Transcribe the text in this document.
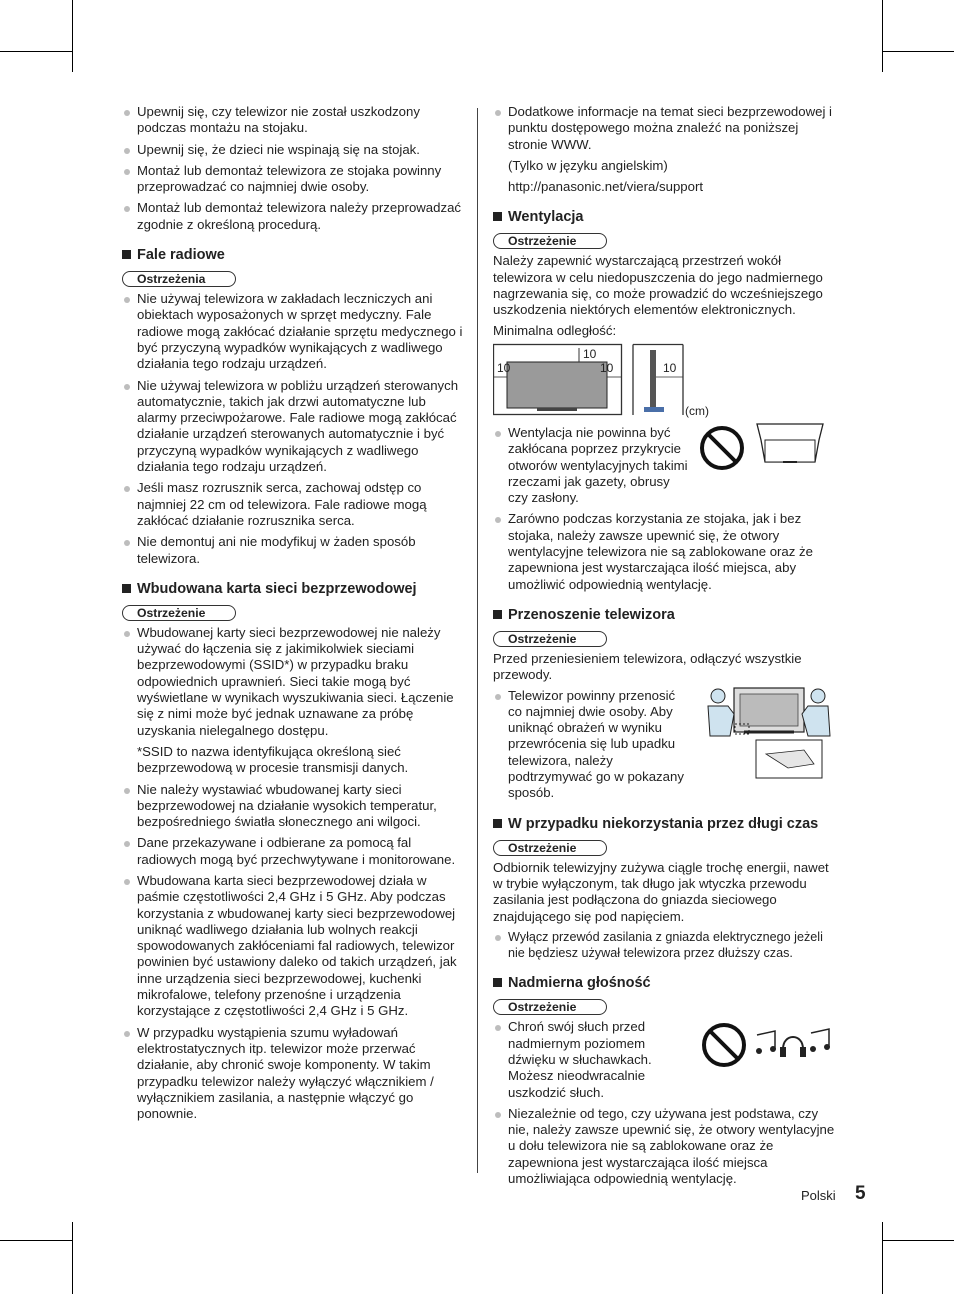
Upewnij się, czy telewizor nie został uszkodzony podczas montażu na stojaku.
Upewnij się, że dzieci nie wspinają się na stojak.
Montaż lub demontaż telewizora ze stojaka powinny przeprowadzać co najmniej dwie osoby.
Montaż lub demontaż telewizora należy przeprowadzać zgodnie z określoną procedurą.
Fale radiowe
Ostrzeżenia
Nie używaj telewizora w zakładach leczniczych ani obiektach wyposażonych w sprzęt medyczny. Fale radiowe mogą zakłócać działanie sprzętu medycznego i być przyczyną wypadków wynikających z wadliwego działania tego rodzaju urządzeń.
Nie używaj telewizora w pobliżu urządzeń sterowanych automatycznie, takich jak drzwi automatyczne lub alarmy przeciwpożarowe. Fale radiowe mogą zakłócać działanie urządzeń sterowanych automatycznie i być przyczyną wypadków wynikających z wadliwego działania tego rodzaju urządzeń.
Jeśli masz rozrusznik serca, zachowaj odstęp co najmniej 22 cm od telewizora. Fale radiowe mogą zakłócać działanie rozrusznika serca.
Nie demontuj ani nie modyfikuj w żaden sposób telewizora.
Wbudowana karta sieci bezprzewodowej
Ostrzeżenie
Wbudowanej karty sieci bezprzewodowej nie należy używać do łączenia się z jakimikolwiek sieciami bezprzewodowymi (SSID*) w przypadku braku odpowiednich uprawnień. Sieci takie mogą być wyświetlane w wynikach wyszukiwania sieci. Łączenie się z nimi może być jednak uznawane za próbę uzyskania nielegalnego dostępu.

*SSID to nazwa identyfikująca określoną sieć bezprzewodową w procesie transmisji danych.

Nie należy wystawiać wbudowanej karty sieci bezprzewodowej na działanie wysokich temperatur, bezpośredniego światła słonecznego ani wilgoci.
Dane przekazywane i odbierane za pomocą fal radiowych mogą być przechwytywane i monitorowane.
Wbudowana karta sieci bezprzewodowej działa w paśmie częstotliwości 2,4 GHz i 5 GHz. Aby podczas korzystania z wbudowanej karty sieci bezprzewodowej uniknąć wadliwego działania lub wolnych reakcji spowodowanych zakłóceniami fal radiowych, telewizor powinien być ustawiony daleko od takich urządzeń, jak inne urządzenia sieci bezprzewodowej, kuchenki mikrofalowe, telefony przenośne i urządzenia korzystające z częstotliwości 2,4 GHz i 5 GHz.
W przypadku wystąpienia szumu wyładowań elektrostatycznych itp. telewizor może przerwać działanie, aby chronić swoje komponenty. W takim przypadku telewizor należy wyłączyć włącznikiem / wyłącznikiem zasilania, a następnie włączyć go ponownie.
Dodatkowe informacje na temat sieci bezprzewodowej i punktu dostępowego można znaleźć na poniższej stronie WWW.

(Tylko w języku angielskim)

http://panasonic.net/viera/support

Wentylacja
Ostrzeżenie

Należy zapewnić wystarczającą przestrzeń wokół telewizora w celu niedopuszczenia do jego nadmiernego nagrzewania się, co może prowadzić do wcześniejszego uszkodzenia niektórych elementów elektronicznych.

Minimalna odległość:

10
10	10	10
(cm)
Wentylacja nie powinna być zakłócana poprzez przykrycie otworów wentylacyjnych takimi rzeczami jak gazety, obrusy czy zasłony.
Zarówno podczas korzystania ze stojaka, jak i bez stojaka, należy zawsze upewnić się, że otwory wentylacyjne telewizora nie są zablokowane oraz że zapewniona jest wystarczająca ilość miejsca, aby umożliwić odpowiednią wentylację.
Przenoszenie telewizora
Ostrzeżenie

Przed przeniesieniem telewizora, odłączyć wszystkie przewody.

Telewizor powinny przenosić co najmniej dwie osoby. Aby uniknąć obrażeń w wyniku przewrócenia się lub upadku telewizora, należy podtrzymywać go w pokazany sposób.
W przypadku niekorzystania przez długi czas
Ostrzeżenie

Odbiornik telewizyjny zużywa ciągle trochę energii, nawet w trybie wyłączonym, tak długo jak wtyczka przewodu zasilania jest podłączona do gniazda sieciowego znajdującego się pod napięciem.

Wyłącz przewód zasilania z gniazda elektrycznego jeżeli nie będziesz używał telewizora przez dłuższy czas.
Nadmierna głośność
Ostrzeżenie
Chroń swój słuch przed nadmiernym poziomem dźwięku w słuchawkach. Możesz nieodwracalnie uszkodzić słuch.
Niezależnie od tego, czy używana jest podstawa, czy nie, należy zawsze upewnić się, że otwory wentylacyjne u dołu telewizora nie są zablokowane oraz że zapewniona jest wystarczająca ilość miejsca umożliwiająca odpowiednią wentylację.
Polski 5
